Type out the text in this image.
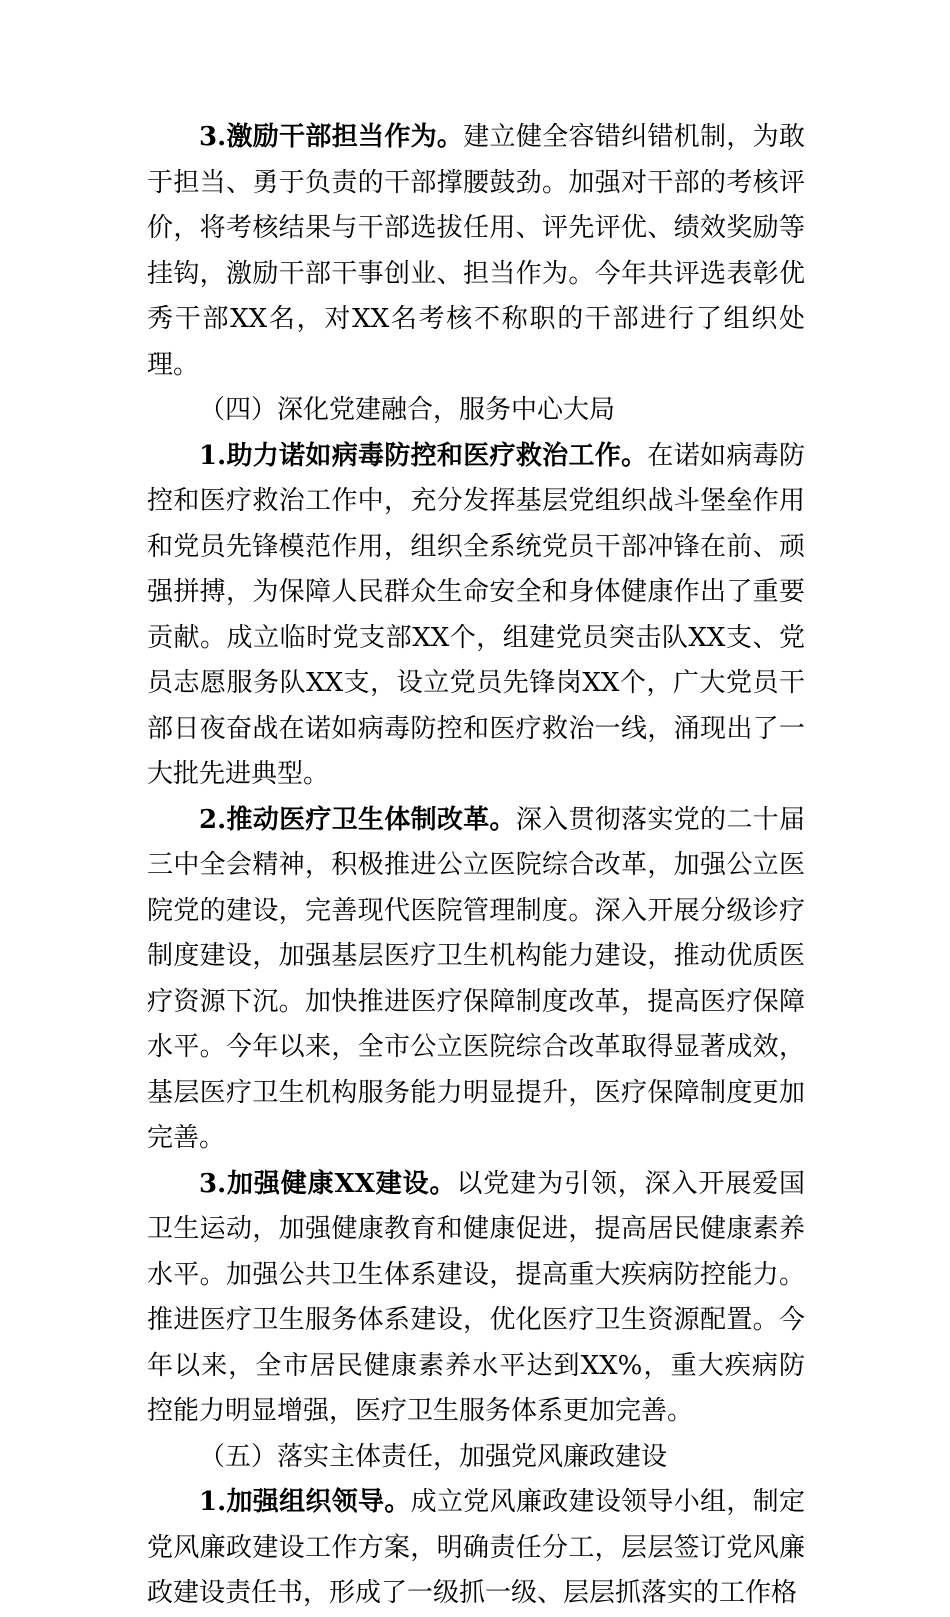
3.激励干部担当作为。建立健全容错纠错机制，为敢于担当、勇于负责的干部撑腰鼓劲。加强对干部的考核评价，将考核结果与干部选拔任用、评先评优、绩效奖励等挂钩，激励干部干事创业、担当作为。今年共评选表彰优秀干部XX名，对XX名考核不称职的干部进行了组织处理。

（四）深化党建融合，服务中心大局

1.助力诺如病毒防控和医疗救治工作。在诺如病毒防控和医疗救治工作中，充分发挥基层党组织战斗堡垒作用和党员先锋模范作用，组织全系统党员干部冲锋在前、顽强拼搏，为保障人民群众生命安全和身体健康作出了重要贡献。成立临时党支部XX个，组建党员突击队XX支、党员志愿服务队XX支，设立党员先锋岗XX个，广大党员干部日夜奋战在诺如病毒防控和医疗救治一线，涌现出了一大批先进典型。

2.推动医疗卫生体制改革。深入贯彻落实党的二十届三中全会精神，积极推进公立医院综合改革，加强公立医院党的建设，完善现代医院管理制度。深入开展分级诊疗制度建设，加强基层医疗卫生机构能力建设，推动优质医疗资源下沉。加快推进医疗保障制度改革，提高医疗保障水平。今年以来，全市公立医院综合改革取得显著成效，基层医疗卫生机构服务能力明显提升，医疗保障制度更加完善。

3.加强健康XX建设。以党建为引领，深入开展爱国卫生运动，加强健康教育和健康促进，提高居民健康素养水平。加强公共卫生体系建设，提高重大疾病防控能力。推进医疗卫生服务体系建设，优化医疗卫生资源配置。今年以来，全市居民健康素养水平达到XX%，重大疾病防控能力明显增强，医疗卫生服务体系更加完善。

（五）落实主体责任，加强党风廉政建设

1.加强组织领导。成立党风廉政建设领导小组，制定党风廉政建设工作方案，明确责任分工，层层签订党风廉政建设责任书，形成了一级抓一级、层层抓落实的工作格
